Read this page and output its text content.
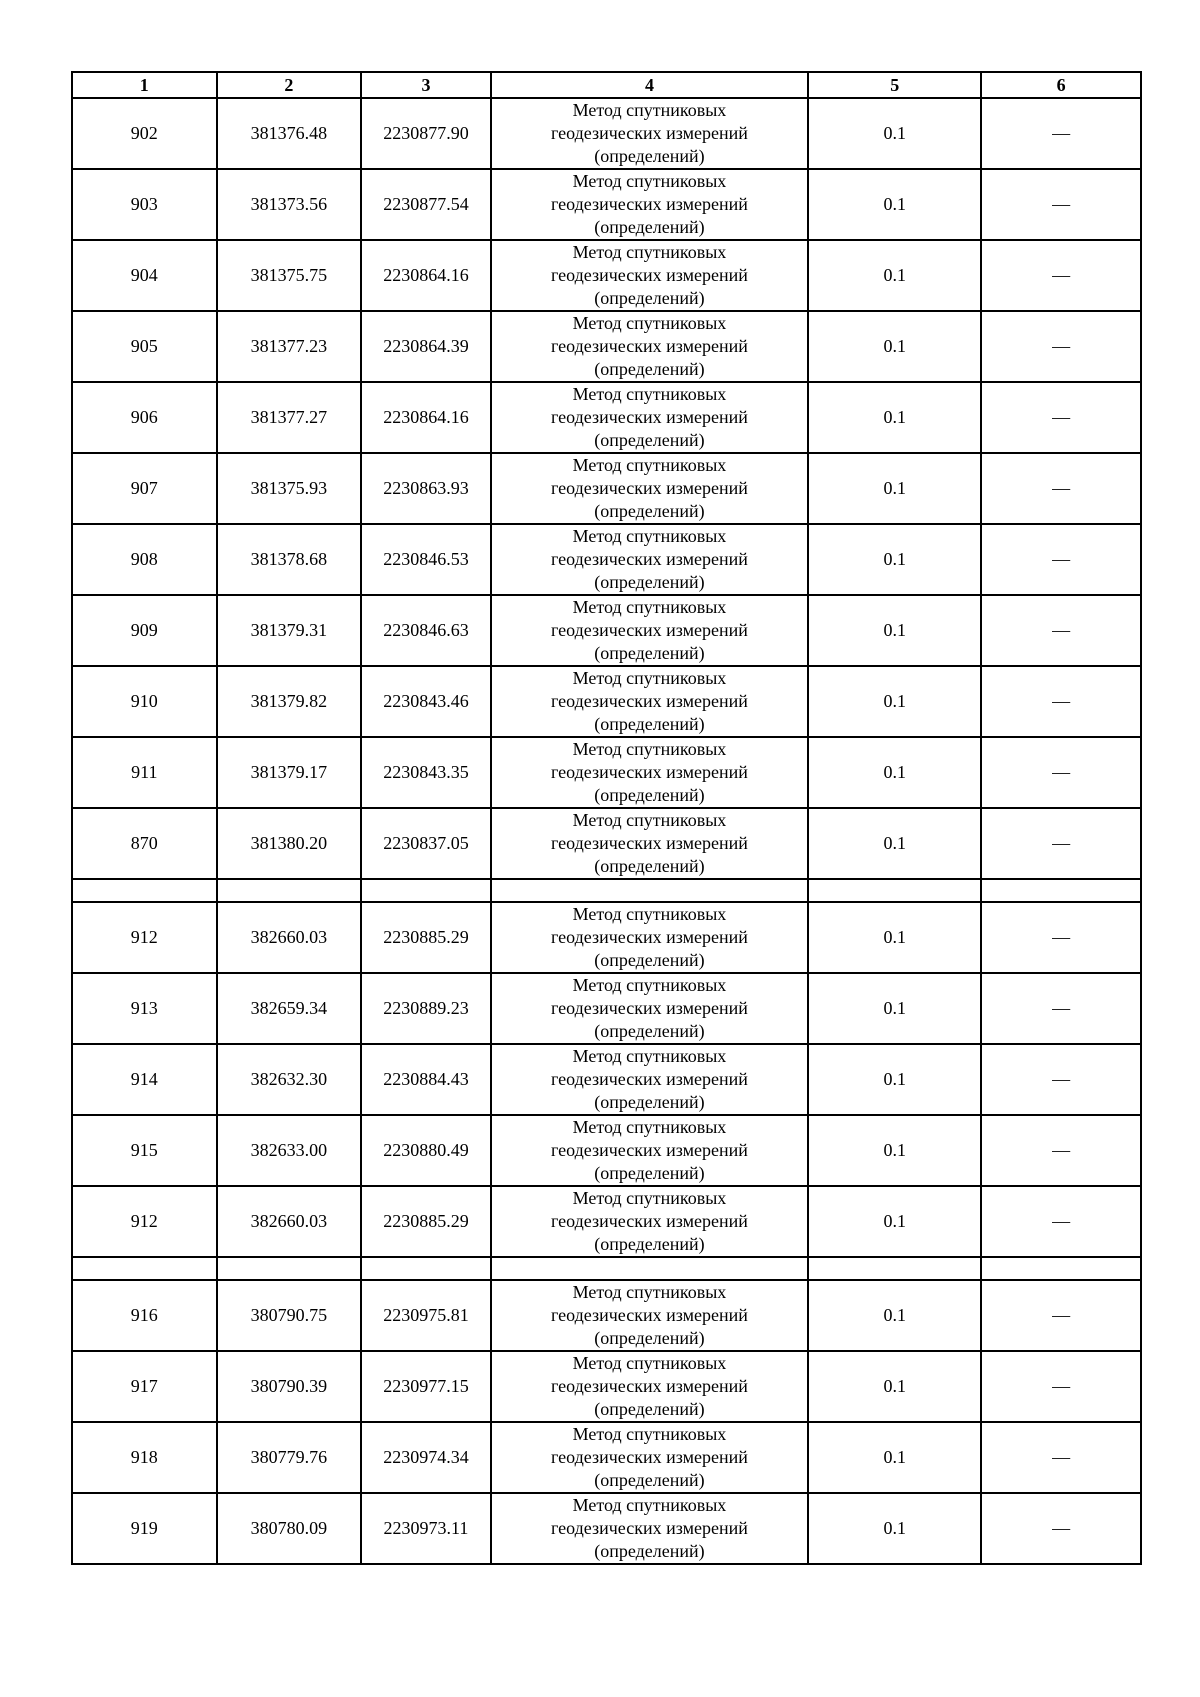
1	2	3	4	5	6
902	381376.48	2230877.90	Метод спутниковых
геодезических измерений
(определений)	0.1	—
903	381373.56	2230877.54	Метод спутниковых
геодезических измерений
(определений)	0.1	—
904	381375.75	2230864.16	Метод спутниковых
геодезических измерений
(определений)	0.1	—
905	381377.23	2230864.39	Метод спутниковых
геодезических измерений
(определений)	0.1	—
906	381377.27	2230864.16	Метод спутниковых
геодезических измерений
(определений)	0.1	—
907	381375.93	2230863.93	Метод спутниковых
геодезических измерений
(определений)	0.1	—
908	381378.68	2230846.53	Метод спутниковых
геодезических измерений
(определений)	0.1	—
909	381379.31	2230846.63	Метод спутниковых
геодезических измерений
(определений)	0.1	—
910	381379.82	2230843.46	Метод спутниковых
геодезических измерений
(определений)	0.1	—
911	381379.17	2230843.35	Метод спутниковых
геодезических измерений
(определений)	0.1	—
870	381380.20	2230837.05	Метод спутниковых
геодезических измерений
(определений)	0.1	—

912	382660.03	2230885.29	Метод спутниковых
геодезических измерений
(определений)	0.1	—
913	382659.34	2230889.23	Метод спутниковых
геодезических измерений
(определений)	0.1	—
914	382632.30	2230884.43	Метод спутниковых
геодезических измерений
(определений)	0.1	—
915	382633.00	2230880.49	Метод спутниковых
геодезических измерений
(определений)	0.1	—
912	382660.03	2230885.29	Метод спутниковых
геодезических измерений
(определений)	0.1	—

916	380790.75	2230975.81	Метод спутниковых
геодезических измерений
(определений)	0.1	—
917	380790.39	2230977.15	Метод спутниковых
геодезических измерений
(определений)	0.1	—
918	380779.76	2230974.34	Метод спутниковых
геодезических измерений
(определений)	0.1	—
919	380780.09	2230973.11	Метод спутниковых
геодезических измерений
(определений)	0.1	—
